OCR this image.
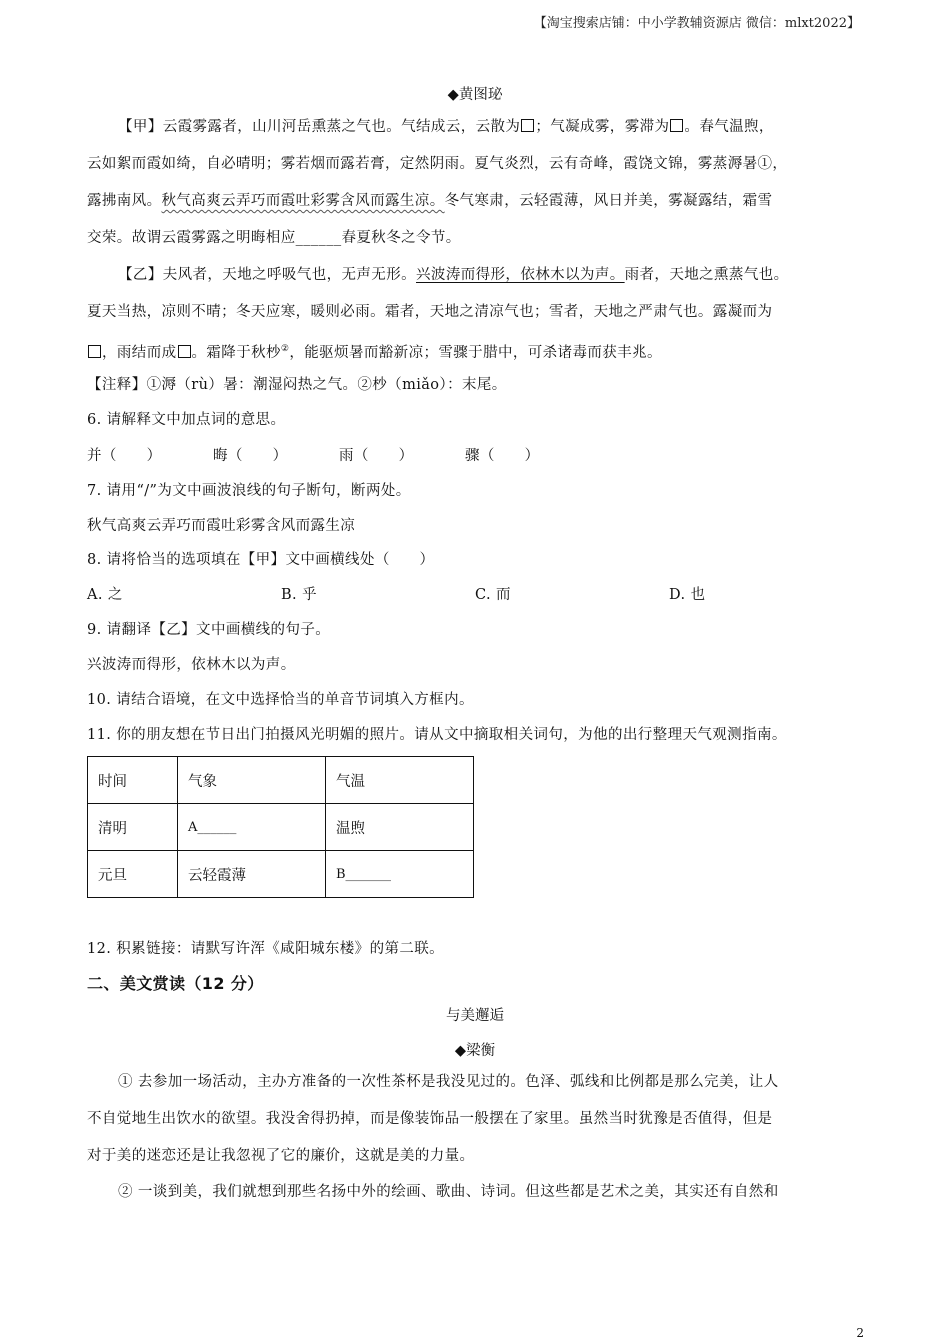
【淘宝搜索店铺：中小学教辅资源店 微信：mlxt2022】
◆黄图珌
【甲】云霞雾露者，山川河岳熏蒸之气也。气结成云，云散为 ；气凝成雾，雾滞为 。春气温煦，
云如絮而霞如绮，自必晴明；雾若烟而露若膏，定然阴雨。夏气炎烈，云有奇峰，霞饶文锦，雾蒸溽暑①，
露拂南风。秋气高爽云弄巧而霞吐彩雾含风而露生凉。冬气寒肃，云轻霞薄，风日并美，雾凝露结，霜雪
交荣。故谓云霞雾露之明晦相应______春夏秋冬之令节。
【乙】夫风者，天地之呼吸气也，无声无形。兴波涛而得形，依林木以为声。雨者，天地之熏蒸气也。
夏天当热，凉则不晴；冬天应寒，暖则必雨。霜者，天地之清凉气也；雪者，天地之严肃气也。露凝而为
，雨结而成 。霜降于秋杪②，能驱烦暑而豁新凉；雪骤于腊中，可杀诸毒而获丰兆。
【注释】①溽（rù）暑：潮湿闷热之气。②杪（miǎo）：末尾。
6. 请解释文中加点词的意思。
并（　　）	晦（　　）	雨（　　）	骤（　　）
7. 请用“/”为文中画波浪线的句子断句，断两处。
秋气高爽云弄巧而霞吐彩雾含风而露生凉
8. 请将恰当的选项填在【甲】文中画横线处（　　）
A. 之	B. 乎	C. 而	D. 也
9. 请翻译【乙】文中画横线的句子。
兴波涛而得形，依林木以为声。
10. 请结合语境，在文中选择恰当的单音节词填入方框内。
11. 你的朋友想在节日出门拍摄风光明媚的照片。请从文中摘取相关词句，为他的出行整理天气观测指南。
时间	气象	气温
清明	A______	温煦
元旦	云轻霞薄	B_______
12. 积累链接：请默写许浑《咸阳城东楼》的第二联。
二、美文赏读（12 分）
与美邂逅
◆梁衡
① 去参加一场活动，主办方准备的一次性茶杯是我没见过的。色泽、弧线和比例都是那么完美，让人
不自觉地生出饮水的欲望。我没舍得扔掉，而是像装饰品一般摆在了家里。虽然当时犹豫是否值得，但是
对于美的迷恋还是让我忽视了它的廉价，这就是美的力量。
② 一谈到美，我们就想到那些名扬中外的绘画、歌曲、诗词。但这些都是艺术之美，其实还有自然和
2
